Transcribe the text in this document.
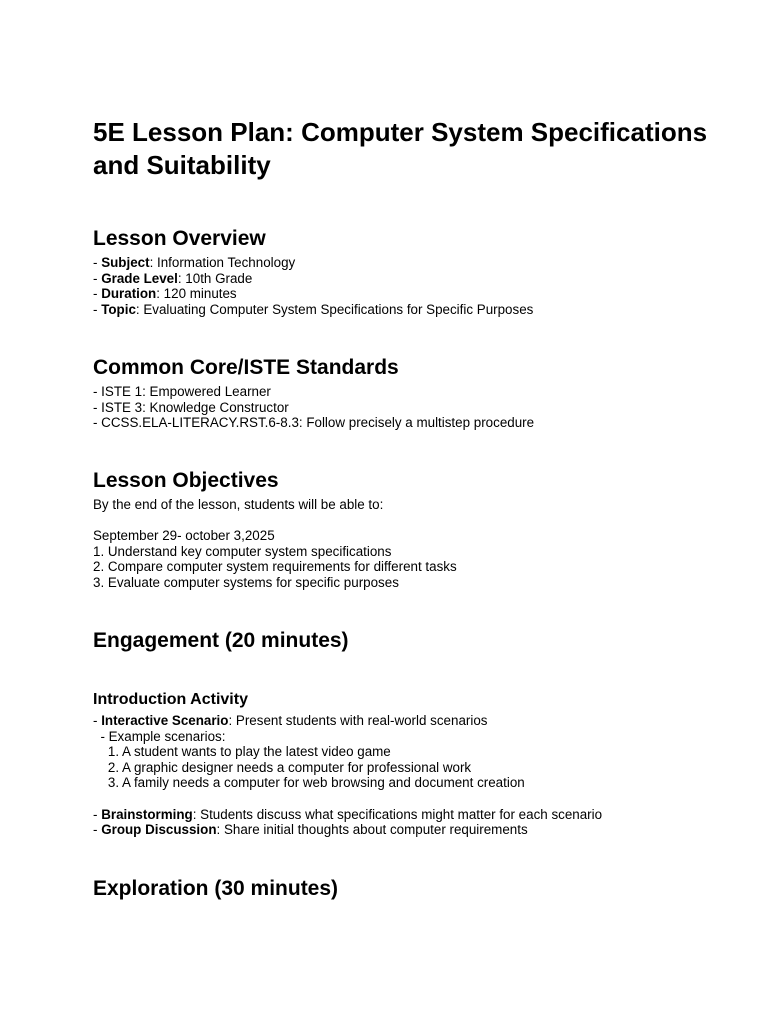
5E Lesson Plan: Computer System Specifications and Suitability
Lesson Overview
- Subject: Information Technology
- Grade Level: 10th Grade
- Duration: 120 minutes
- Topic: Evaluating Computer System Specifications for Specific Purposes
Common Core/ISTE Standards
- ISTE 1: Empowered Learner
- ISTE 3: Knowledge Constructor
- CCSS.ELA-LITERACY.RST.6-8.3: Follow precisely a multistep procedure
Lesson Objectives

By the end of the lesson, students will be able to:

September 29- october 3,2025

1. Understand key computer system specifications

2. Compare computer system requirements for different tasks

3. Evaluate computer systems for specific purposes

Engagement (20 minutes)
Introduction Activity

- Interactive Scenario: Present students with real-world scenarios

- Example scenarios:

1. A student wants to play the latest video game

2. A graphic designer needs a computer for professional work

3. A family needs a computer for web browsing and document creation

- Brainstorming: Students discuss what specifications might matter for each scenario

- Group Discussion: Share initial thoughts about computer requirements

Exploration (30 minutes)
